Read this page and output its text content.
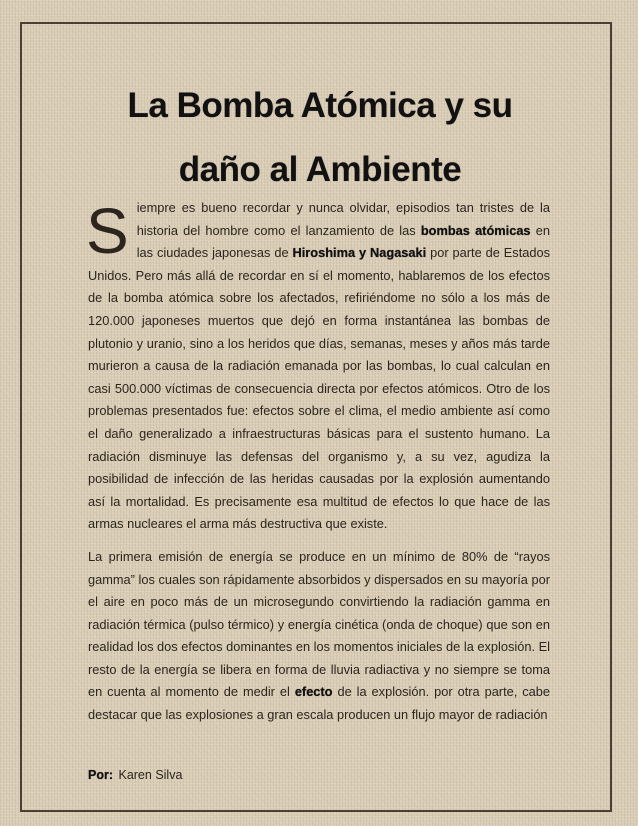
La Bomba Atómica y su
daño al Ambiente

Siempre es bueno recordar y nunca olvidar, episodios tan tristes de la historia del hombre como el lanzamiento de las bombas atómicas en las ciudades japonesas de Hiroshima y Nagasaki por parte de Estados Unidos. Pero más allá de recordar en sí el momento, hablaremos de los efectos de la bomba atómica sobre los afectados, refiriéndome no sólo a los más de 120.000 japoneses muertos que dejó en forma instantánea las bombas de plutonio y uranio, sino a los heridos que días, semanas, meses y años más tarde murieron a causa de la radiación emanada por las bombas, lo cual calculan en casi 500.000 víctimas de consecuencia directa por efectos atómicos. Otro de los problemas presentados fue: efectos sobre el clima, el medio ambiente así como el daño generalizado a infraestructuras básicas para el sustento humano. La radiación disminuye las defensas del organismo y, a su vez, agudiza la posibilidad de infección de las heridas causadas por la explosión aumentando así la mortalidad. Es precisamente esa multitud de efectos lo que hace de las armas nucleares el arma más destructiva que existe.

La primera emisión de energía se produce en un mínimo de 80% de “rayos gamma” los cuales son rápidamente absorbidos y dispersados en su mayoría por el aire en poco más de un microsegundo convirtiendo la radiación gamma en radiación térmica (pulso térmico) y energía cinética (onda de choque) que son en realidad los dos efectos dominantes en los momentos iniciales de la explosión. El resto de la energía se libera en forma de lluvia radiactiva y no siempre se toma en cuenta al momento de medir el efecto de la explosión. por otra parte, cabe destacar que las explosiones a gran escala producen un flujo mayor de radiación

Por: Karen Silva
